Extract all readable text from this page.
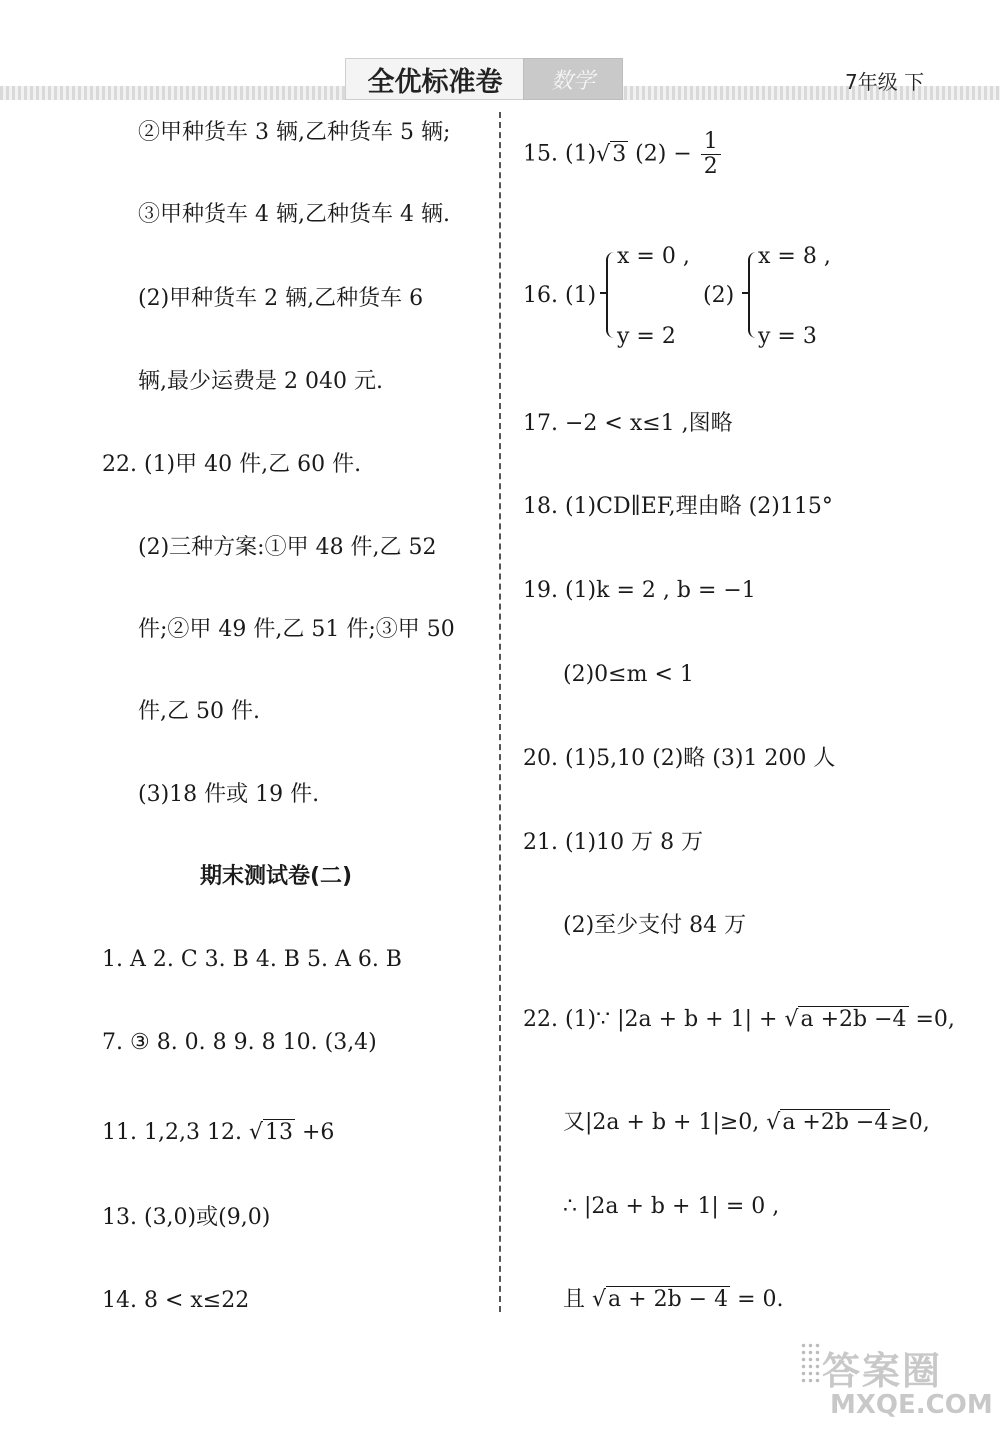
全优标准卷	数学	7年级 下
②甲种货车 3 辆,乙种货车 5 辆;
③甲种货车 4 辆,乙种货车 4 辆.
(2)甲种货车 2 辆,乙种货车 6
辆,最少运费是 2 040 元.
22. (1)甲 40 件,乙 60 件.
(2)三种方案:①甲 48 件,乙 52
件;②甲 49 件,乙 51 件;③甲 50
件,乙 50 件.
(3)18 件或 19 件.
期末测试卷(二)
1. A 2. C 3. B 4. B 5. A 6. B
7. ③ 8. 0. 8 9. 8 10. (3,4)
11. 1,2,3 12. √13 +6
13. (3,0)或(9,0)
14. 8 < x≤22
15. (1)√3 $(2) - \frac{1}{2}$
16. (1)
x = 0 ,
y = 2
(2)
x = 8 ,
y = 3
17. −2 < x≤1 ,图略
18. (1)CD∥EF,理由略 (2)115°
19. (1)k = 2 , b = −1
(2)0≤m < 1
20. (1)5,10 (2)略 (3)1 200 人
21. (1)10 万 8 万
(2)至少支付 84 万
22. (1)∵ |2a + b + 1| + √a +2b −4 =0,
又|2a + b + 1|≥0, √a +2b −4≥0,
∴ |2a + b + 1| = 0 ,
且 √a + 2b − 4 = 0.
答案圈
MXQE.COM
